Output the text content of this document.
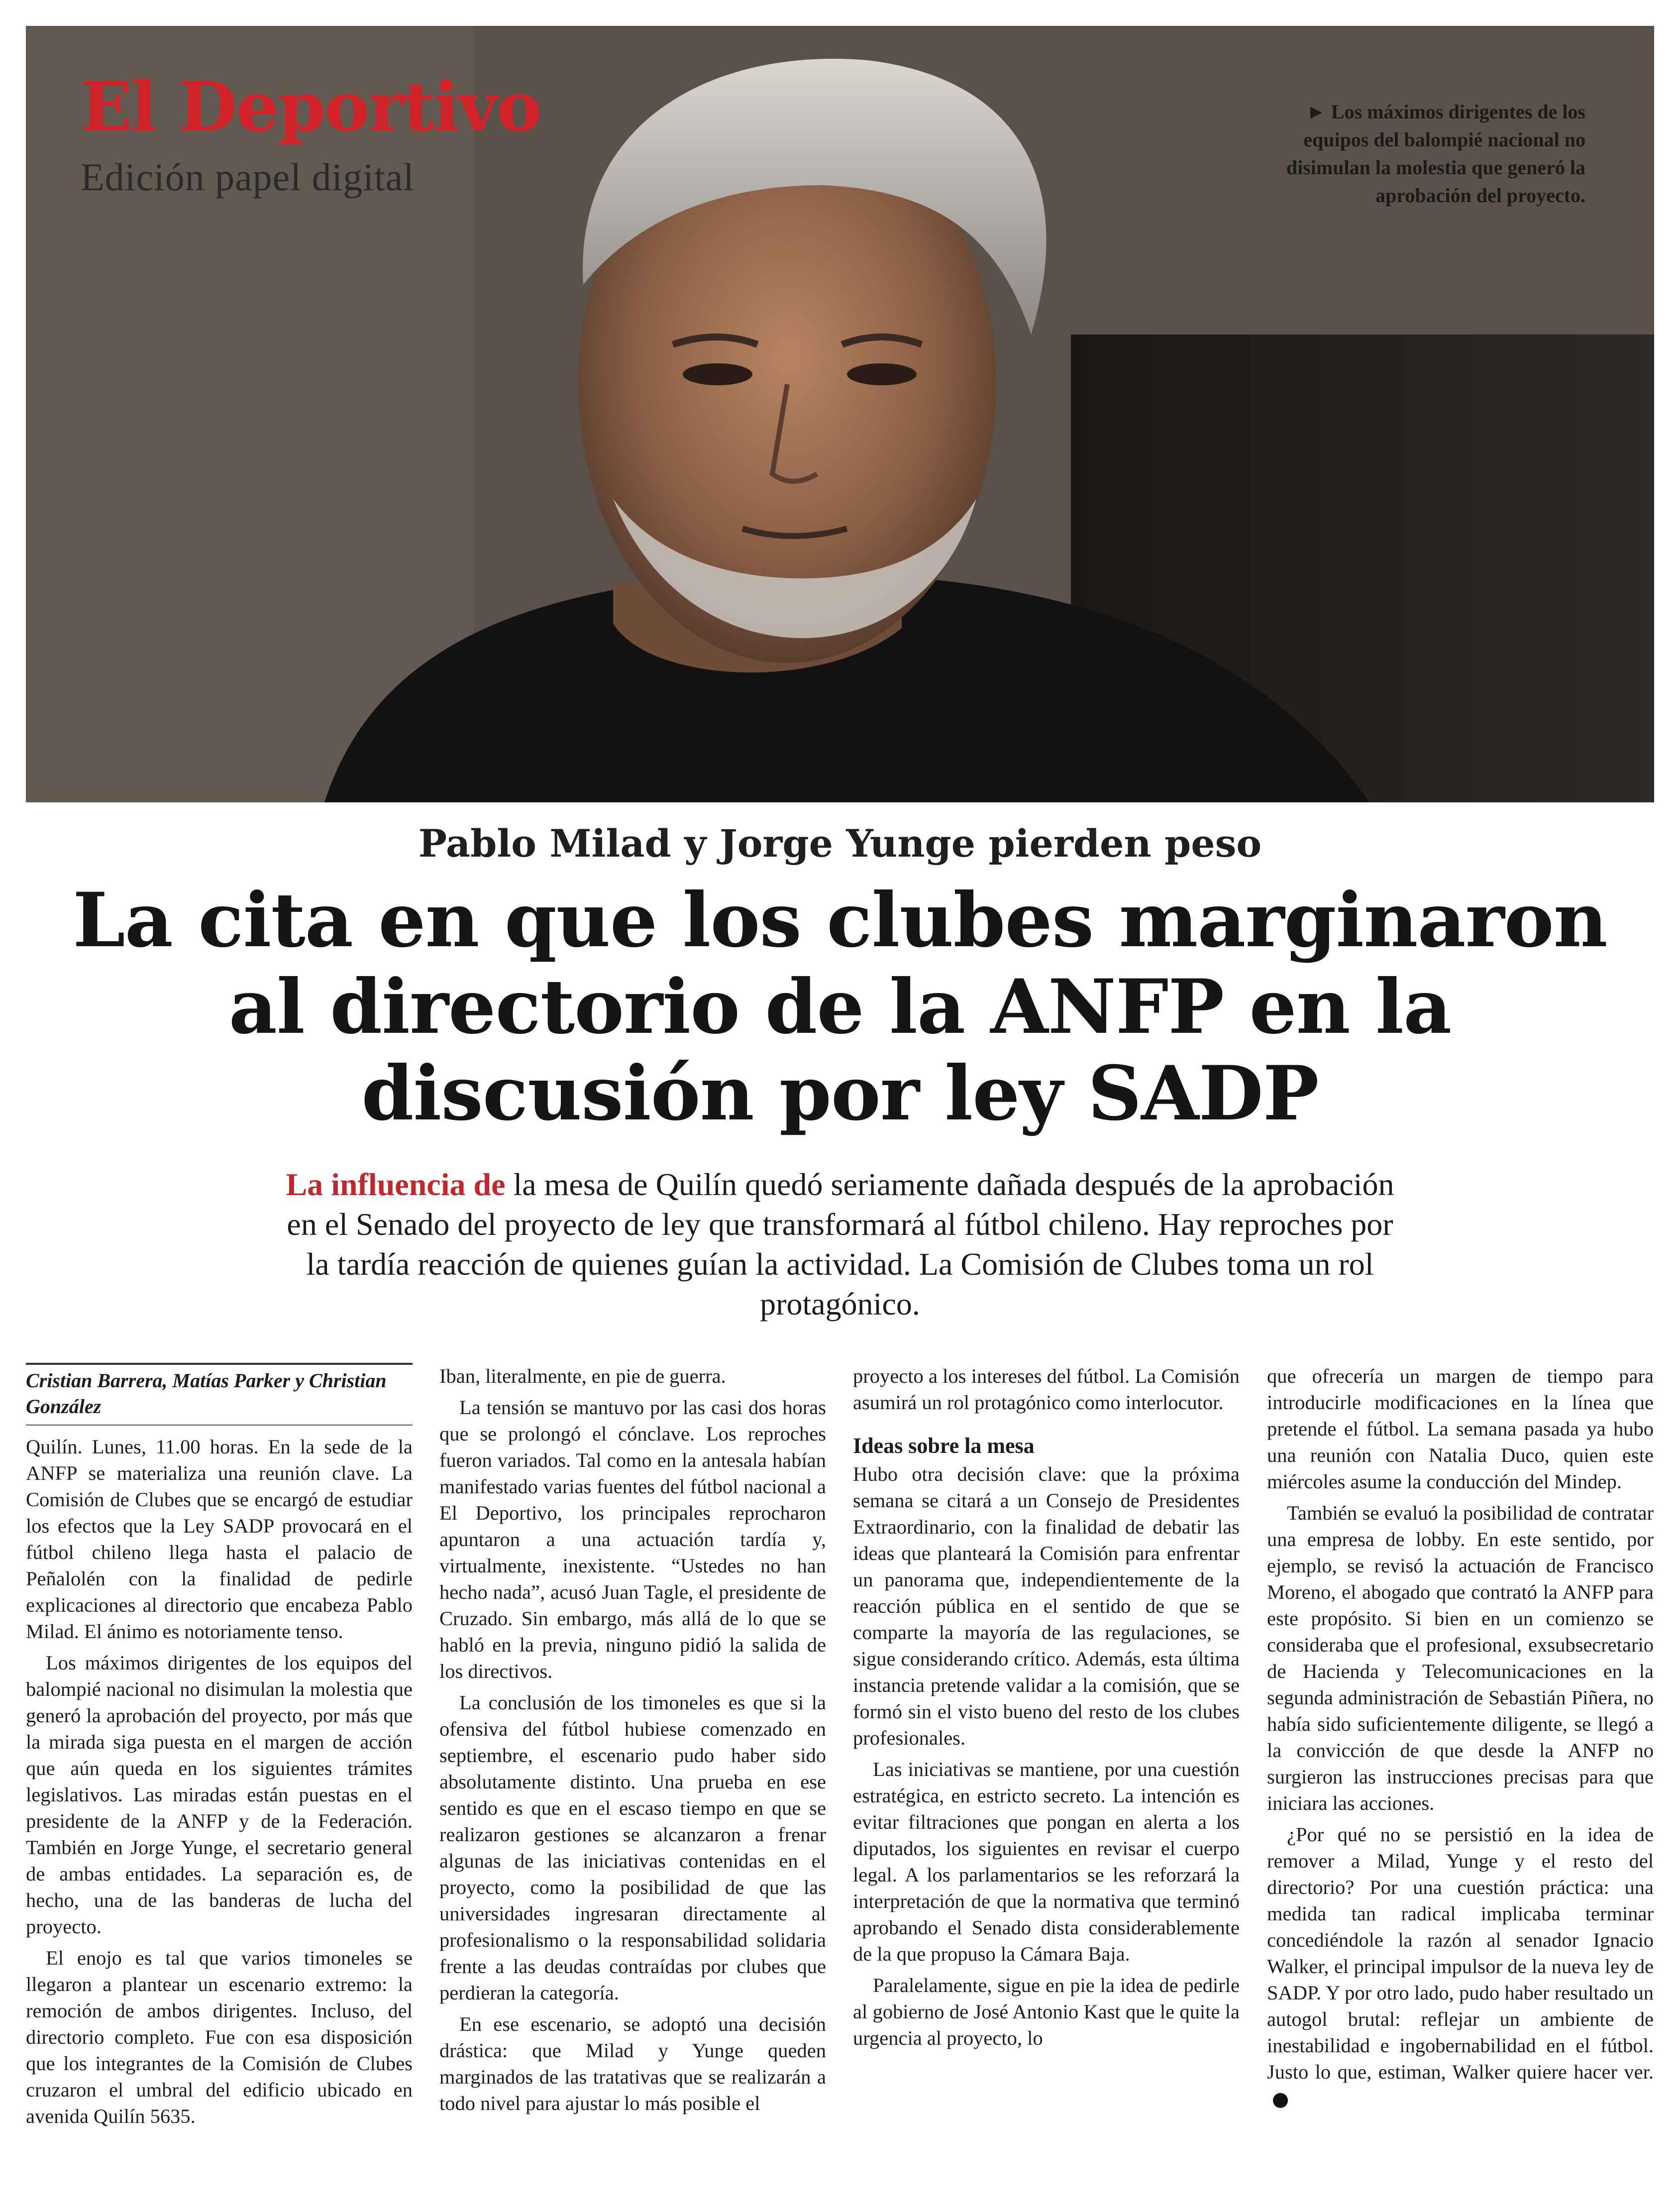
El Deportivo
Edición papel digital
► Los máximos dirigentes de los equipos del balompié nacional no disimulan la molestia que generó la aprobación del proyecto.
Pablo Milad y Jorge Yunge pierden peso
La cita en que los clubes marginaron al directorio de la ANFP en la discusión por ley SADP
La influencia de la mesa de Quilín quedó seriamente dañada después de la aprobación en el Senado del proyecto de ley que transformará al fútbol chileno. Hay reproches por la tardía reacción de quienes guían la actividad. La Comisión de Clubes toma un rol protagónico.
Cristian Barrera, Matías Parker y Christian González

Quilín. Lunes, 11.00 horas. En la sede de la ANFP se materializa una reunión clave. La Comisión de Clubes que se encargó de estudiar los efectos que la Ley SADP provocará en el fútbol chileno llega hasta el palacio de Peñalolén con la finalidad de pedirle explicaciones al directorio que encabeza Pablo Milad. El ánimo es notoriamente tenso.

Los máximos dirigentes de los equipos del balompié nacional no disimulan la molestia que generó la aprobación del proyecto, por más que la mirada siga puesta en el margen de acción que aún queda en los siguientes trámites legislativos. Las miradas están puestas en el presidente de la ANFP y de la Federación. También en Jorge Yunge, el secretario general de ambas entidades. La separación es, de hecho, una de las banderas de lucha del proyecto.

El enojo es tal que varios timoneles se llegaron a plantear un escenario extremo: la remoción de ambos dirigentes. Incluso, del directorio completo. Fue con esa disposición que los integrantes de la Comisión de Clubes cruzaron el umbral del edificio ubicado en avenida Quilín 5635.

Iban, literalmente, en pie de guerra.

La tensión se mantuvo por las casi dos horas que se prolongó el cónclave. Los reproches fueron variados. Tal como en la antesala habían manifestado varias fuentes del fútbol nacional a El Deportivo, los principales reprocharon apuntaron a una actuación tardía y, virtualmente, inexistente. “Ustedes no han hecho nada”, acusó Juan Tagle, el presidente de Cruzado. Sin embargo, más allá de lo que se habló en la previa, ninguno pidió la salida de los directivos.

La conclusión de los timoneles es que si la ofensiva del fútbol hubiese comenzado en septiembre, el escenario pudo haber sido absolutamente distinto. Una prueba en ese sentido es que en el escaso tiempo en que se realizaron gestiones se alcanzaron a frenar algunas de las iniciativas contenidas en el proyecto, como la posibilidad de que las universidades ingresaran directamente al profesionalismo o la responsabilidad solidaria frente a las deudas contraídas por clubes que perdieran la categoría.

En ese escenario, se adoptó una decisión drástica: que Milad y Yunge queden marginados de las tratativas que se realizarán a todo nivel para ajustar lo más posible el

proyecto a los intereses del fútbol. La Comisión asumirá un rol protagónico como interlocutor.

Ideas sobre la mesa

Hubo otra decisión clave: que la próxima semana se citará a un Consejo de Presidentes Extraordinario, con la finalidad de debatir las ideas que planteará la Comisión para enfrentar un panorama que, independientemente de la reacción pública en el sentido de que se comparte la mayoría de las regulaciones, se sigue considerando crítico. Además, esta última instancia pretende validar a la comisión, que se formó sin el visto bueno del resto de los clubes profesionales.

Las iniciativas se mantiene, por una cuestión estratégica, en estricto secreto. La intención es evitar filtraciones que pongan en alerta a los diputados, los siguientes en revisar el cuerpo legal. A los parlamentarios se les reforzará la interpretación de que la normativa que terminó aprobando el Senado dista considerablemente de la que propuso la Cámara Baja.

Paralelamente, sigue en pie la idea de pedirle al gobierno de José Antonio Kast que le quite la urgencia al proyecto, lo

que ofrecería un margen de tiempo para introducirle modificaciones en la línea que pretende el fútbol. La semana pasada ya hubo una reunión con Natalia Duco, quien este miércoles asume la conducción del Mindep.

También se evaluó la posibilidad de contratar una empresa de lobby. En este sentido, por ejemplo, se revisó la actuación de Francisco Moreno, el abogado que contrató la ANFP para este propósito. Si bien en un comienzo se consideraba que el profesional, exsubsecretario de Hacienda y Telecomunicaciones en la segunda administración de Sebastián Piñera, no había sido suficientemente diligente, se llegó a la convicción de que desde la ANFP no surgieron las instrucciones precisas para que iniciara las acciones.

¿Por qué no se persistió en la idea de remover a Milad, Yunge y el resto del directorio? Por una cuestión práctica: una medida tan radical implicaba terminar concediéndole la razón al senador Ignacio Walker, el principal impulsor de la nueva ley de SADP. Y por otro lado, pudo haber resultado un autogol brutal: reflejar un ambiente de inestabilidad e ingobernabilidad en el fútbol. Justo lo que, estiman, Walker quiere hacer ver.
